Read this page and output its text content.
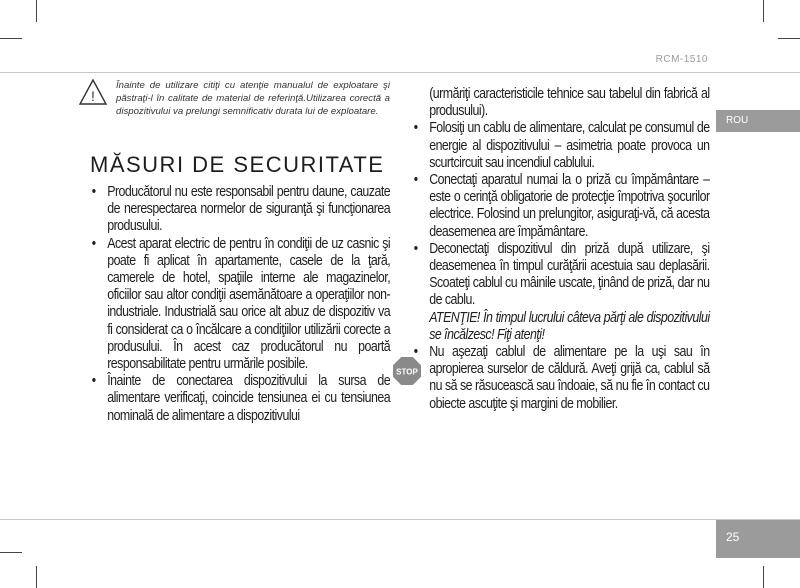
RCM-1510
ROU
!
Înainte de utilizare citiţi cu atenţie manualul de exploatare şi păstraţi-l în calitate de material de referinţă.Utilizarea corectă a dispozitivului va prelungi semnificativ durata lui de exploatare.
MĂSURI DE SECURITATE
• Producătorul nu este responsabil pentru daune, cauzate de nerespectarea normelor de siguranţă şi funcţionarea produsului.
• Acest aparat electric de pentru în condiţii de uz casnic şi poate fi aplicat în apartamente, casele de la ţară, camerele de hotel, spaţiile interne ale magazinelor, oficiilor sau altor condiţii asemănătoare a operaţiilor non-industriale. Industrială sau orice alt abuz de dispozitiv va fi considerat ca o încălcare a condiţiilor utilizării corecte a produsului. În acest caz producătorul nu poartă responsabilitate pentru urmările posibile.
• Înainte de conectarea dispozitivului la sursa de alimentare verificaţi, coincide tensiunea ei cu tensiunea nominală de alimentare a dispozitivului
(urmăriţi caracteristicile tehnice sau tabelul din fabrică al produsului).
• Folosiţi un cablu de alimentare, calculat pe consumul de energie al dispozitivului – asimetria poate provoca un scurtcircuit sau incendiul cablului.
• Conectaţi aparatul numai la o priză cu împământare – este o cerinţă obligatorie de protecţie împotriva şocurilor electrice. Folosind un prelungitor, asiguraţi-vă, că acesta deasemenea are împământare.
• Deconectaţi dispozitivul din priză după utilizare, şi deasemenea în timpul curăţării acestuia sau deplasării. Scoateţi cablul cu mâinile uscate, ţinând de priză, dar nu de cablu.
ATENŢIE! În timpul lucrului câteva părţi ale dispozitivului se încălzesc! Fiţi atenţi!
• Nu aşezaţi cablul de alimentare pe la uşi sau în apropierea surselor de căldură. Aveţi grijă ca, cablul să nu să se răsucească sau îndoaie, să nu fie în contact cu obiecte ascuţite şi margini de mobilier.
STOP
25
